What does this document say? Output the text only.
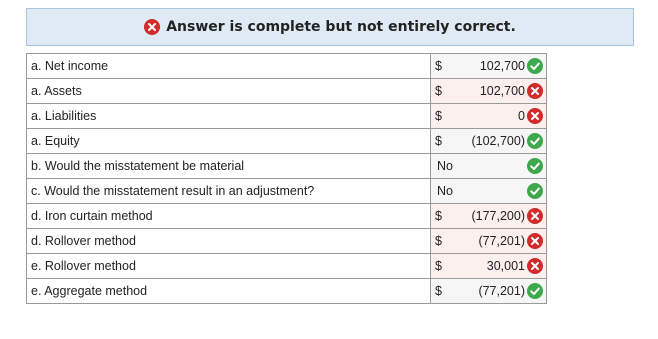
Answer is complete but not entirely correct.
a. Net income	$ 102,700

a. Assets	$ 102,700

a. Liabilities	$ 0

a. Equity	$ (102,700)

b. Would the misstatement be material	No

c. Would the misstatement result in an adjustment?	No

d. Iron curtain method	$ (177,200)

d. Rollover method	$ (77,201)

e. Rollover method	$ 30,001

e. Aggregate method	$ (77,201)
